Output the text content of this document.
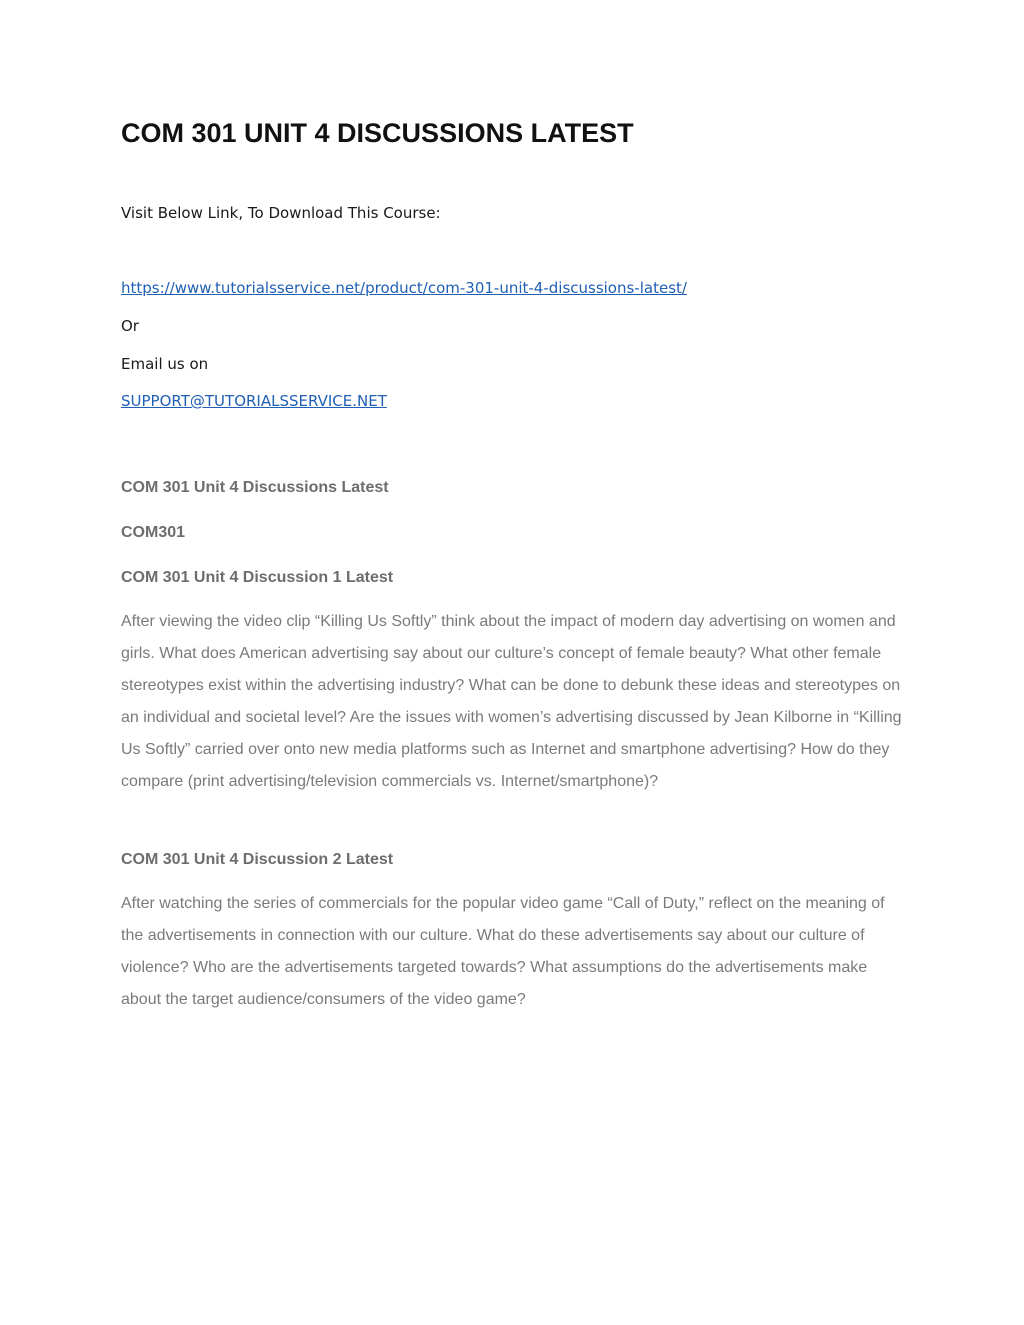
COM 301 UNIT 4 DISCUSSIONS LATEST
Visit Below Link, To Download This Course:
https://www.tutorialsservice.net/product/com-301-unit-4-discussions-latest/
Or
Email us on
SUPPORT@TUTORIALSSERVICE.NET
COM 301 Unit 4 Discussions Latest
COM301
COM 301 Unit 4 Discussion 1 Latest

After viewing the video clip “Killing Us Softly” think about the impact of modern day advertising on women and girls. What does American advertising say about our culture’s concept of female beauty? What other female stereotypes exist within the advertising industry? What can be done to debunk these ideas and stereotypes on an individual and societal level? Are the issues with women’s advertising discussed by Jean Kilborne in “Killing Us Softly” carried over onto new media platforms such as Internet and smartphone advertising? How do they compare (print advertising/television commercials vs. Internet/smartphone)?

COM 301 Unit 4 Discussion 2 Latest

After watching the series of commercials for the popular video game “Call of Duty,” reflect on the meaning of the advertisements in connection with our culture. What do these advertisements say about our culture of violence? Who are the advertisements targeted towards? What assumptions do the advertisements make about the target audience/consumers of the video game?
